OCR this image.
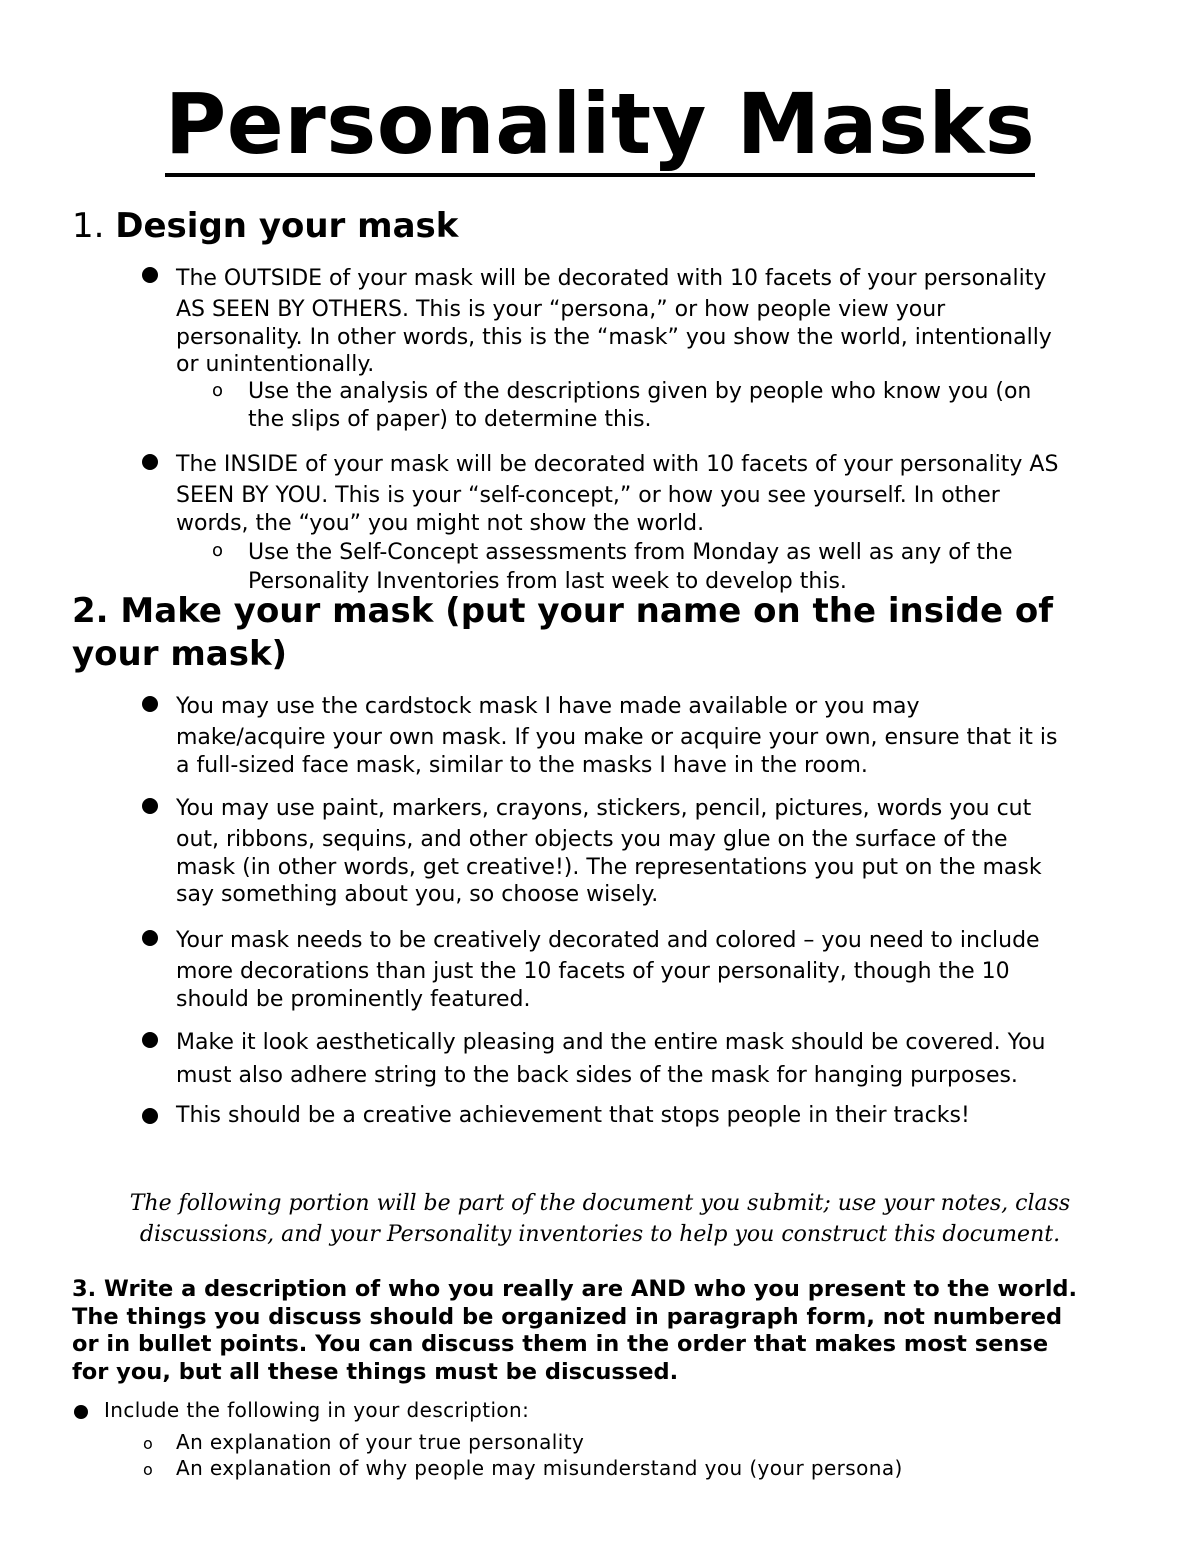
Personality Masks
1. Design your mask
The OUTSIDE of your mask will be decorated with 10 facets of your personality
AS SEEN BY OTHERS. This is your “persona,” or how people view your
personality. In other words, this is the “mask” you show the world, intentionally
or unintentionally.
o Use the analysis of the descriptions given by people who know you (on
the slips of paper) to determine this.
The INSIDE of your mask will be decorated with 10 facets of your personality AS
SEEN BY YOU. This is your “self-concept,” or how you see yourself. In other
words, the “you” you might not show the world.
o Use the Self-Concept assessments from Monday as well as any of the
Personality Inventories from last week to develop this.
2. Make your mask (put your name on the inside of
your mask)
You may use the cardstock mask I have made available or you may
make/acquire your own mask. If you make or acquire your own, ensure that it is
a full-sized face mask, similar to the masks I have in the room.
You may use paint, markers, crayons, stickers, pencil, pictures, words you cut
out, ribbons, sequins, and other objects you may glue on the surface of the
mask (in other words, get creative!). The representations you put on the mask
say something about you, so choose wisely.
Your mask needs to be creatively decorated and colored – you need to include
more decorations than just the 10 facets of your personality, though the 10
should be prominently featured.
Make it look aesthetically pleasing and the entire mask should be covered. You
must also adhere string to the back sides of the mask for hanging purposes.
This should be a creative achievement that stops people in their tracks!
The following portion will be part of the document you submit; use your notes, class
discussions, and your Personality inventories to help you construct this document.
3. Write a description of who you really are AND who you present to the world.
The things you discuss should be organized in paragraph form, not numbered
or in bullet points. You can discuss them in the order that makes most sense
for you, but all these things must be discussed.
Include the following in your description:
o An explanation of your true personality
o An explanation of why people may misunderstand you (your persona)
